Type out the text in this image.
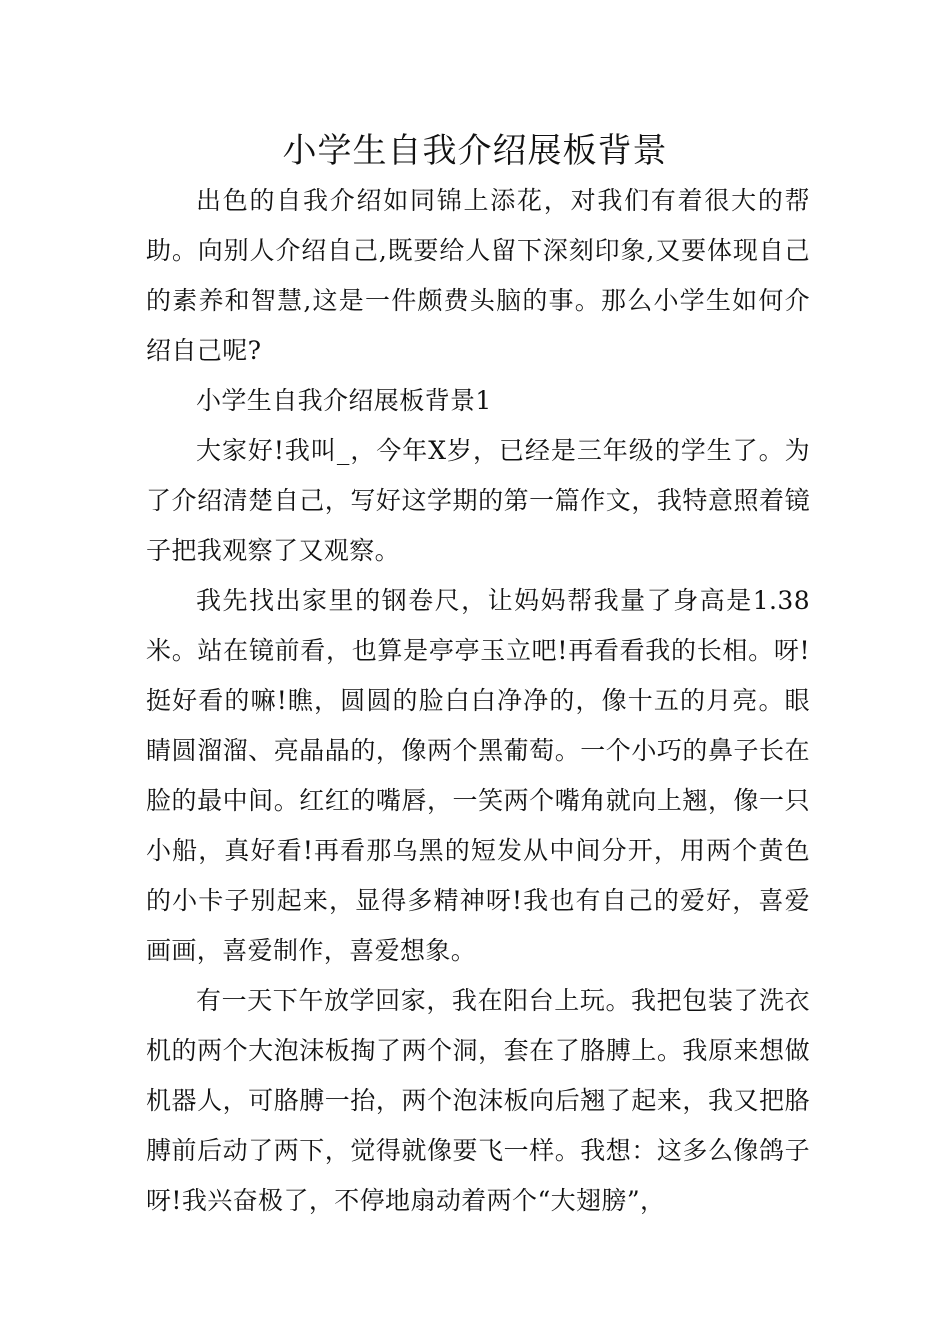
小学生自我介绍展板背景

出色的自我介绍如同锦上添花，对我们有着很大的帮助。向别人介绍自己,既要给人留下深刻印象,又要体现自己的素养和智慧,这是一件颇费头脑的事。那么小学生如何介绍自己呢?

小学生自我介绍展板背景1

大家好!我叫_，今年X岁，已经是三年级的学生了。为了介绍清楚自己，写好这学期的第一篇作文，我特意照着镜子把我观察了又观察。

我先找出家里的钢卷尺，让妈妈帮我量了身高是1.38米。站在镜前看，也算是亭亭玉立吧!再看看我的长相。呀!挺好看的嘛!瞧，圆圆的脸白白净净的，像十五的月亮。眼睛圆溜溜、亮晶晶的，像两个黑葡萄。一个小巧的鼻子长在脸的最中间。红红的嘴唇，一笑两个嘴角就向上翘，像一只小船，真好看!再看那乌黑的短发从中间分开，用两个黄色的小卡子别起来，显得多精神呀!我也有自己的爱好，喜爱画画，喜爱制作，喜爱想象。

有一天下午放学回家，我在阳台上玩。我把包装了洗衣机的两个大泡沫板掏了两个洞，套在了胳膊上。我原来想做机器人，可胳膊一抬，两个泡沫板向后翘了起来，我又把胳膊前后动了两下，觉得就像要飞一样。我想：这多么像鸽子呀!我兴奋极了，不停地扇动着两个“大翅膀”，
